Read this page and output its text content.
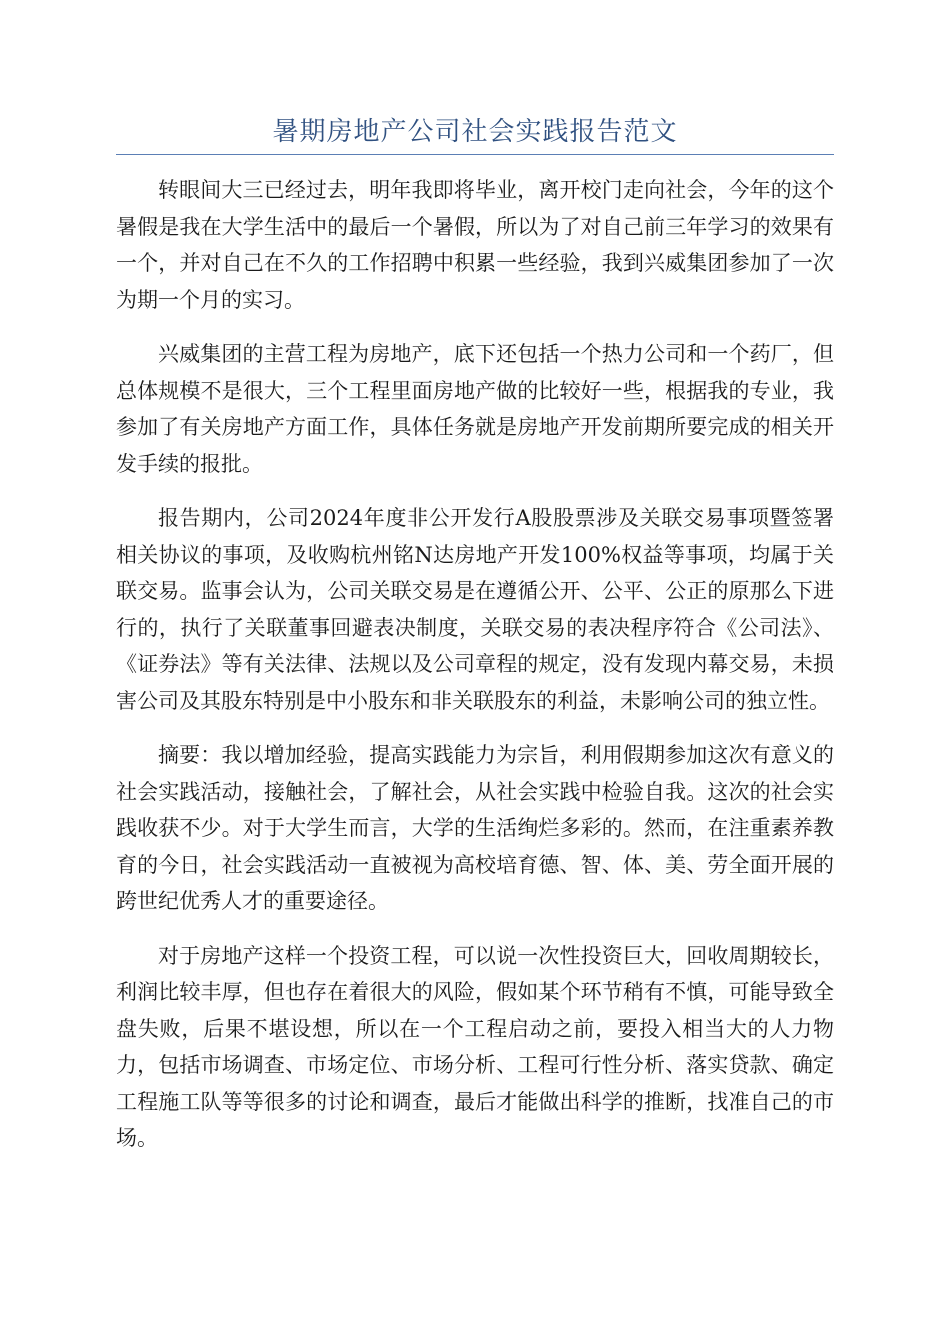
暑期房地产公司社会实践报告范文

转眼间大三已经过去，明年我即将毕业，离开校门走向社会，今年的这个暑假是我在大学生活中的最后一个暑假，所以为了对自己前三年学习的效果有一个，并对自己在不久的工作招聘中积累一些经验，我到兴威集团参加了一次为期一个月的实习。

兴威集团的主营工程为房地产，底下还包括一个热力公司和一个药厂，但总体规模不是很大，三个工程里面房地产做的比较好一些，根据我的专业，我参加了有关房地产方面工作，具体任务就是房地产开发前期所要完成的相关开发手续的报批。

报告期内，公司2024年度非公开发行A股股票涉及关联交易事项暨签署相关协议的事项，及收购杭州铭N达房地产开发100%权益等事项，均属于关联交易。监事会认为，公司关联交易是在遵循公开、公平、公正的原那么下进行的，执行了关联董事回避表决制度，关联交易的表决程序符合《公司法》、《证券法》等有关法律、法规以及公司章程的规定，没有发现内幕交易，未损害公司及其股东特别是中小股东和非关联股东的利益，未影响公司的独立性。

摘要：我以增加经验，提高实践能力为宗旨，利用假期参加这次有意义的社会实践活动，接触社会，了解社会，从社会实践中检验自我。这次的社会实践收获不少。对于大学生而言，大学的生活绚烂多彩的。然而，在注重素养教育的今日，社会实践活动一直被视为高校培育德、智、体、美、劳全面开展的跨世纪优秀人才的重要途径。

对于房地产这样一个投资工程，可以说一次性投资巨大，回收周期较长，利润比较丰厚，但也存在着很大的风险，假如某个环节稍有不慎，可能导致全盘失败，后果不堪设想，所以在一个工程启动之前，要投入相当大的人力物力，包括市场调查、市场定位、市场分析、工程可行性分析、落实贷款、确定工程施工队等等很多的讨论和调查，最后才能做出科学的推断，找准自己的市场。
